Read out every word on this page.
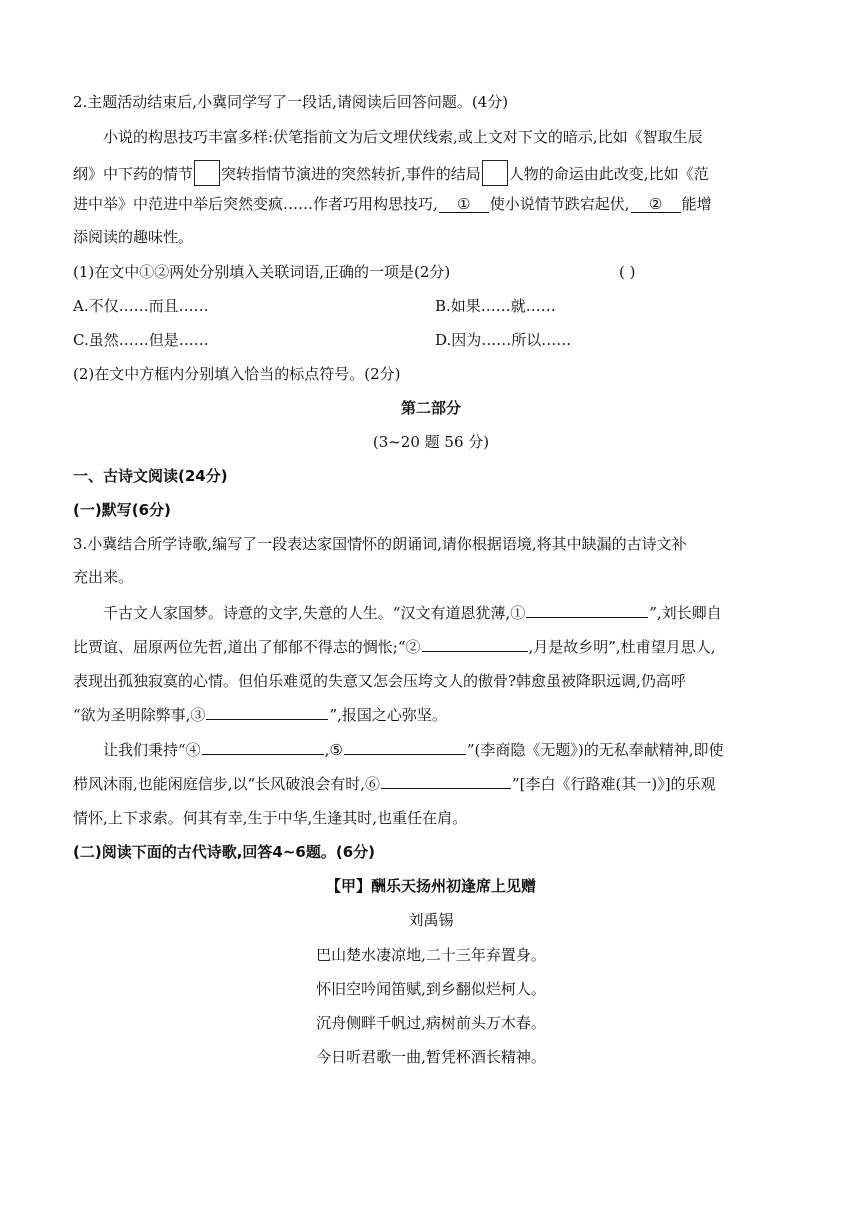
2.主题活动结束后,小冀同学写了一段话,请阅读后回答问题。(4分)
小说的构思技巧丰富多样:伏笔指前文为后文埋伏线索,或上文对下文的暗示,比如《智取生辰
纲》中下药的情节 突转指情节演进的突然转折,事件的结局 人物的命运由此改变,比如《范
进中举》中范进中举后突然变疯……作者巧用构思技巧, ① 使小说情节跌宕起伏, ② 能增
添阅读的趣味性。
(1)在文中①②两处分别填入关联词语,正确的一项是(2分)	( )
A.不仅……而且……	B.如果……就……
C.虽然……但是……	D.因为……所以……
(2)在文中方框内分别填入恰当的标点符号。(2分)
第二部分
(3~20 题 56 分)
一、古诗文阅读(24分)
(一)默写(6分)
3.小冀结合所学诗歌,编写了一段表达家国情怀的朗诵词,请你根据语境,将其中缺漏的古诗文补
充出来。
千古文人家国梦。诗意的文字,失意的人生。“汉文有道恩犹薄,①	”,刘长卿自
比贾谊、屈原两位先哲,道出了郁郁不得志的惆怅;“②	,月是故乡明”,杜甫望月思人,
表现出孤独寂寞的心情。但伯乐难觅的失意又怎会压垮文人的傲骨?韩愈虽被降职远调,仍高呼
“欲为圣明除弊事,③	”,报国之心弥坚。
让我们秉持“④	,⑤	”(李商隐《无题》)的无私奉献精神,即使
栉风沐雨,也能闲庭信步,以“长风破浪会有时,⑥	”[李白《行路难(其一)》]的乐观
情怀,上下求索。何其有幸,生于中华,生逢其时,也重任在肩。
(二)阅读下面的古代诗歌,回答4~6题。(6分)
【甲】酬乐天扬州初逢席上见赠
刘禹锡
巴山楚水凄凉地,二十三年弃置身。
怀旧空吟闻笛赋,到乡翻似烂柯人。
沉舟侧畔千帆过,病树前头万木春。
今日听君歌一曲,暂凭杯酒长精神。
